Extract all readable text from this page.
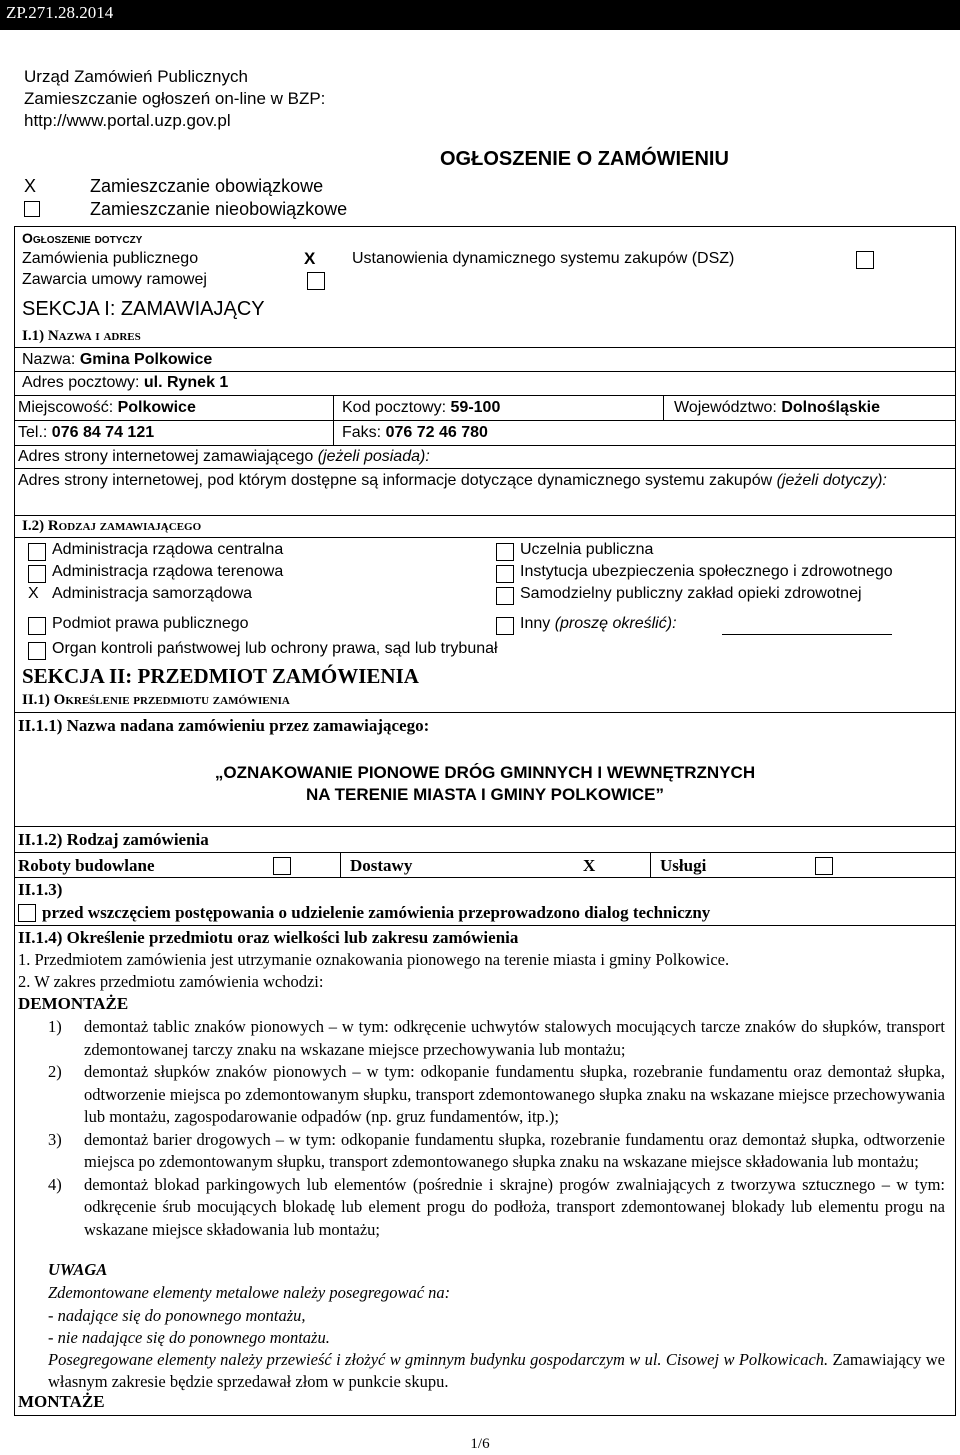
ZP.271.28.2014
Urząd Zamówień Publicznych
Zamieszczanie ogłoszeń on-line w BZP:
http://www.portal.uzp.gov.pl
OGŁOSZENIE O ZAMÓWIENIU
X	Zamieszczanie obowiązkowe
Zamieszczanie nieobowiązkowe
Ogłoszenie dotyczy
Zamówienia publicznego	X Ustanowienia dynamicznego systemu zakupów (DSZ)
Zawarcia umowy ramowej
SEKCJA I: ZAMAWIAJĄCY
I.1) Nazwa i adres
Nazwa: Gmina Polkowice
Adres pocztowy: ul. Rynek 1
Miejscowość: Polkowice	Kod pocztowy: 59-100	Województwo: Dolnośląskie
Tel.: 076 84 74 121	Faks: 076 72 46 780
Adres strony internetowej zamawiającego (jeżeli posiada):
Adres strony internetowej, pod którym dostępne są informacje dotyczące dynamicznego systemu zakupów (jeżeli dotyczy):
I.2) Rodzaj zamawiającego
Administracja rządowa centralna
Administracja rządowa terenowa
X Administracja samorządowa
Podmiot prawa publicznego
Organ kontroli państwowej lub ochrony prawa, sąd lub trybunał
Uczelnia publiczna
Instytucja ubezpieczenia społecznego i zdrowotnego
Samodzielny publiczny zakład opieki zdrowotnej
Inny (proszę określić):
SEKCJA II: PRZEDMIOT ZAMÓWIENIA
II.1) Określenie przedmiotu zamówienia
II.1.1) Nazwa nadana zamówieniu przez zamawiającego:
„OZNAKOWANIE PIONOWE DRÓG GMINNYCH I WEWNĘTRZNYCH
NA TERENIE MIASTA I GMINY POLKOWICE”
II.1.2) Rodzaj zamówienia
Roboty budowlane	Dostawy	X	Usługi
II.1.3)
przed wszczęciem postępowania o udzielenie zamówienia przeprowadzono dialog techniczny
II.1.4) Określenie przedmiotu oraz wielkości lub zakresu zamówienia
1. Przedmiotem zamówienia jest utrzymanie oznakowania pionowego na terenie miasta i gminy Polkowice.
2. W zakres przedmiotu zamówienia wchodzi:
DEMONTAŻE
1)	demontaż tablic znaków pionowych – w tym: odkręcenie uchwytów stalowych mocujących tarcze znaków do słupków, transport zdemontowanej tarczy znaku na wskazane miejsce przechowywania lub montażu;
2)	demontaż słupków znaków pionowych – w tym: odkopanie fundamentu słupka, rozebranie fundamentu oraz demontaż słupka, odtworzenie miejsca po zdemontowanym słupku, transport zdemontowanego słupka znaku na wskazane miejsce przechowywania lub montażu, zagospodarowanie odpadów (np. gruz fundamentów, itp.);
3)	demontaż barier drogowych – w tym: odkopanie fundamentu słupka, rozebranie fundamentu oraz demontaż słupka, odtworzenie miejsca po zdemontowanym słupku, transport zdemontowanego słupka znaku na wskazane miejsce składowania lub montażu;
4)	demontaż blokad parkingowych lub elementów (pośrednie i skrajne) progów zwalniających z tworzywa sztucznego – w tym: odkręcenie śrub mocujących blokadę lub element progu do podłoża, transport zdemontowanej blokady lub elementu progu na wskazane miejsce składowania lub montażu;
UWAGA
Zdemontowane elementy metalowe należy posegregować na:
- nadające się do ponownego montażu,
- nie nadające się do ponownego montażu.
Posegregowane elementy należy przewieść i złożyć w gminnym budynku gospodarczym w ul. Cisowej w Polkowicach. Zamawiający we własnym zakresie będzie sprzedawał złom w punkcie skupu.
MONTAŻE
1/6
